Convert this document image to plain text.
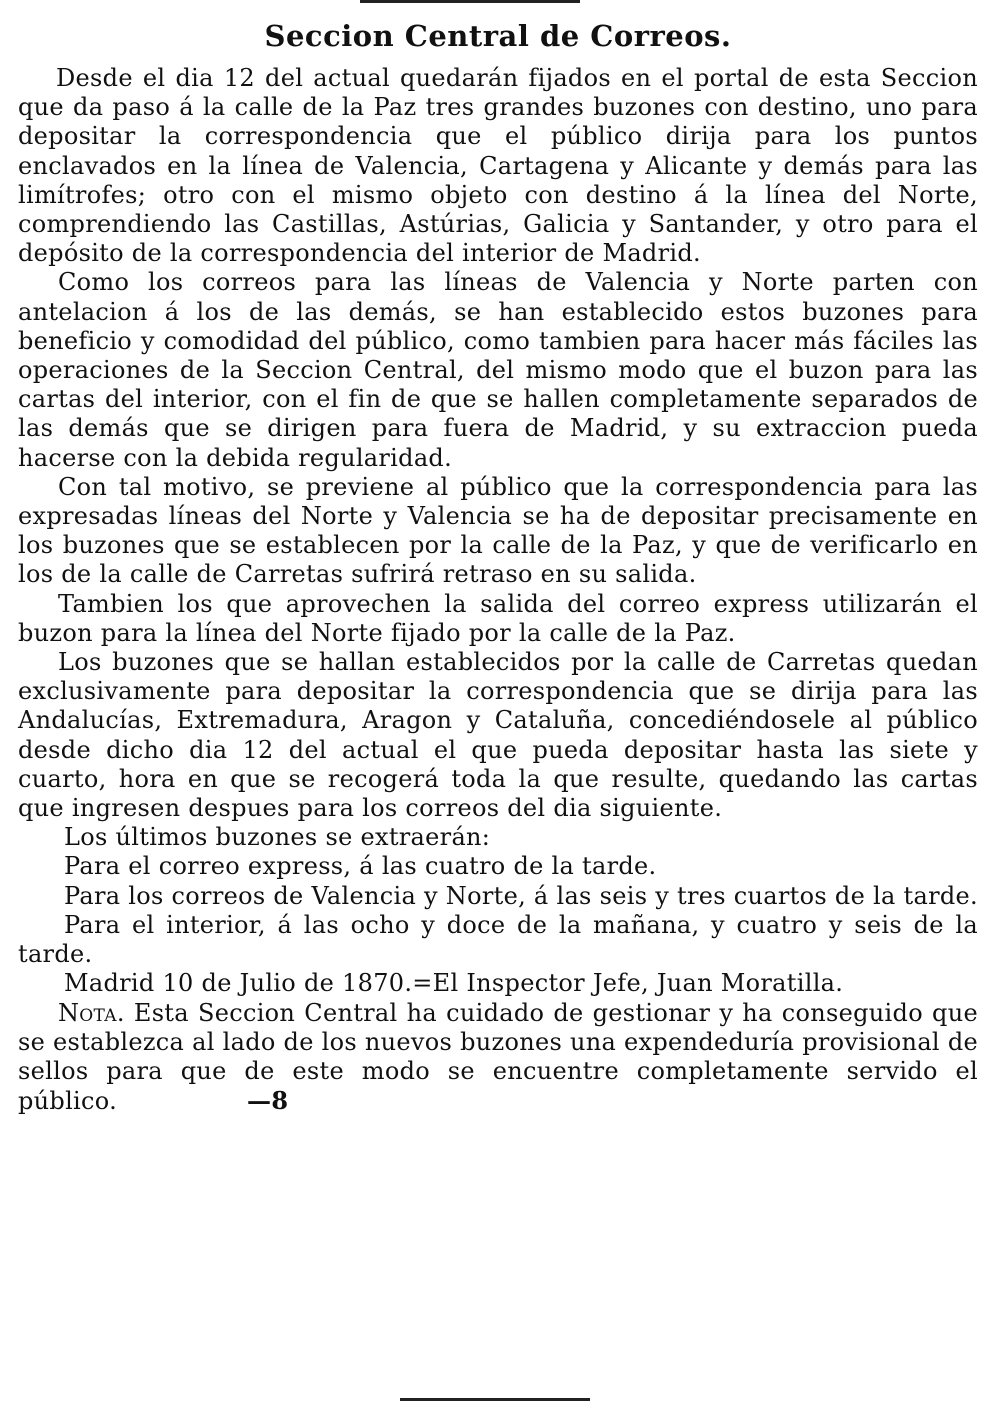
Seccion Central de Correos.

Desde el dia 12 del actual quedarán fijados en el portal de esta Seccion que da paso á la calle de la Paz tres grandes buzones con destino, uno para depositar la correspondencia que el público dirija para los puntos enclavados en la línea de Valencia, Cartagena y Alicante y demás para las limítrofes; otro con el mismo objeto con destino á la línea del Norte, comprendiendo las Castillas, Astúrias, Galicia y Santander, y otro para el depósito de la correspondencia del interior de Madrid.

Como los correos para las líneas de Valencia y Norte parten con antelacion á los de las demás, se han establecido estos buzones para beneficio y comodidad del público, como tambien para hacer más fáciles las operaciones de la Seccion Central, del mismo modo que el buzon para las cartas del interior, con el fin de que se hallen completamente separados de las demás que se dirigen para fuera de Madrid, y su extraccion pueda hacerse con la debida regularidad.

Con tal motivo, se previene al público que la correspondencia para las expresadas líneas del Norte y Valencia se ha de depositar precisamente en los buzones que se establecen por la calle de la Paz, y que de verificarlo en los de la calle de Carretas sufrirá retraso en su salida.

Tambien los que aprovechen la salida del correo express utilizarán el buzon para la línea del Norte fijado por la calle de la Paz.

Los buzones que se hallan establecidos por la calle de Carretas quedan exclusivamente para depositar la correspondencia que se dirija para las Andalucías, Extremadura, Aragon y Cataluña, concediéndosele al público desde dicho dia 12 del actual el que pueda depositar hasta las siete y cuarto, hora en que se recogerá toda la que resulte, quedando las cartas que ingresen despues para los correos del dia siguiente.

Los últimos buzones se extraerán:

Para el correo express, á las cuatro de la tarde.

Para los correos de Valencia y Norte, á las seis y tres cuartos de la tarde.

Para el interior, á las ocho y doce de la mañana, y cuatro y seis de la tarde.

Madrid 10 de Julio de 1870.=El Inspector Jefe, Juan Moratilla.

Nota. Esta Seccion Central ha cuidado de gestionar y ha conseguido que se establezca al lado de los nuevos buzones una expendeduría provisional de sellos para que de este modo se encuentre completamente servido el público.	—8
